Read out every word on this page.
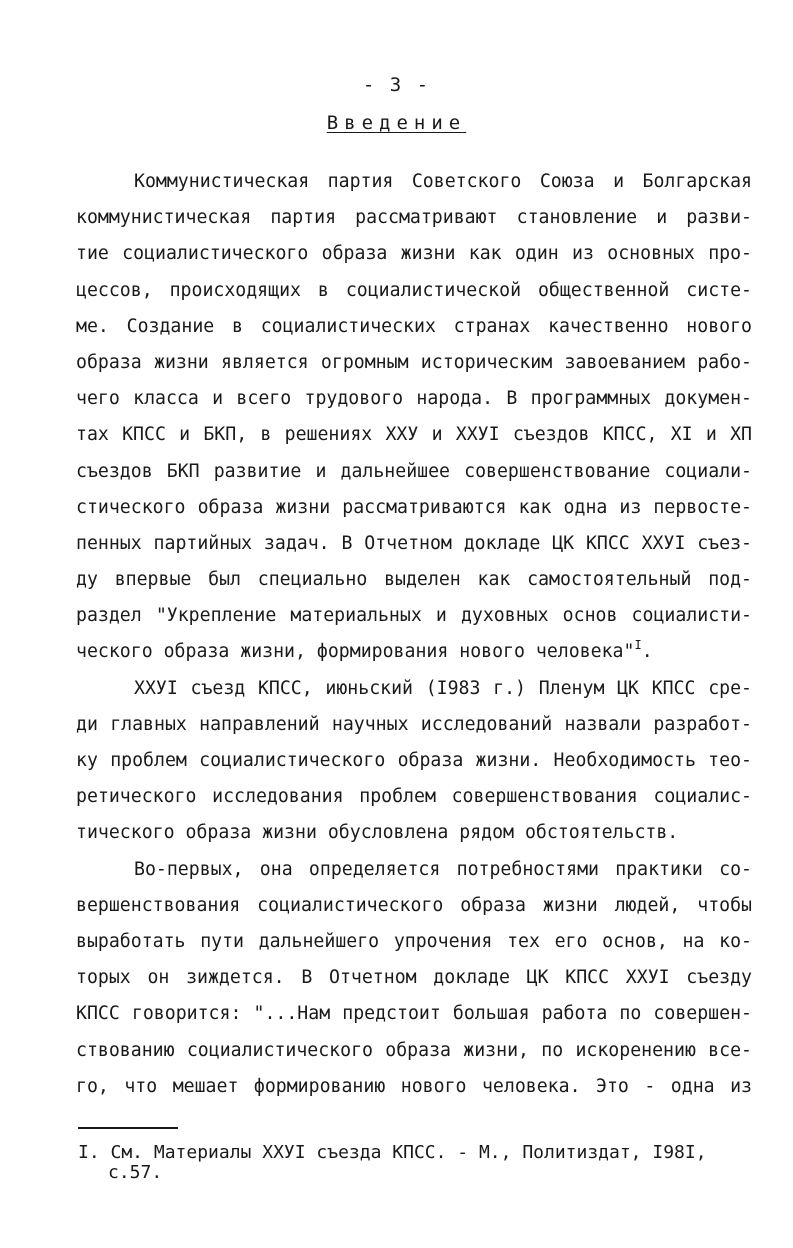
- 3 -
Введение
Коммунистическая партия Советского Союза и Болгарская
коммунистическая партия рассматривают становление и разви-
тие социалистического образа жизни как один из основных про-
цессов, происходящих в социалистической общественной систе-
ме. Создание в социалистических странах качественно нового
образа жизни является огромным историческим завоеванием рабо-
чего класса и всего трудового народа. В программных докумен-
тах КПСС и БКП, в решениях ХХУ и ХХУI съездов КПСС, XI и XП
съездов БКП развитие и дальнейшее совершенствование социали-
стического образа жизни рассматриваются как одна из первосте-
пенных партийных задач. В Отчетном докладе ЦК КПСС ХХУI съез-
ду впервые был специально выделен как самостоятельный под-
раздел "Укрепление материальных и духовных основ социалисти-
ческого образа жизни, формирования нового человека"$^I$.
ХХУI съезд КПСС, июньский (I983 г.) Пленум ЦК КПСС сре-
ди главных направлений научных исследований назвали разработ-
ку проблем социалистического образа жизни. Необходимость тео-
ретического исследования проблем совершенствования социалис-
тического образа жизни обусловлена рядом обстоятельств.
Во-первых, она определяется потребностями практики со-
вершенствования социалистического образа жизни людей, чтобы
выработать пути дальнейшего упрочения тех его основ, на ко-
торых он зиждется. В Отчетном докладе ЦК КПСС ХХУI съезду
КПСС говорится: "...Нам предстоит большая работа по совершен-
ствованию социалистического образа жизни, по искоренению все-
го, что мешает формированию нового человека. Это - одна из
I. См. Материалы ХХУI съезда КПСС. - М., Политиздат, I98I,
с.57.
